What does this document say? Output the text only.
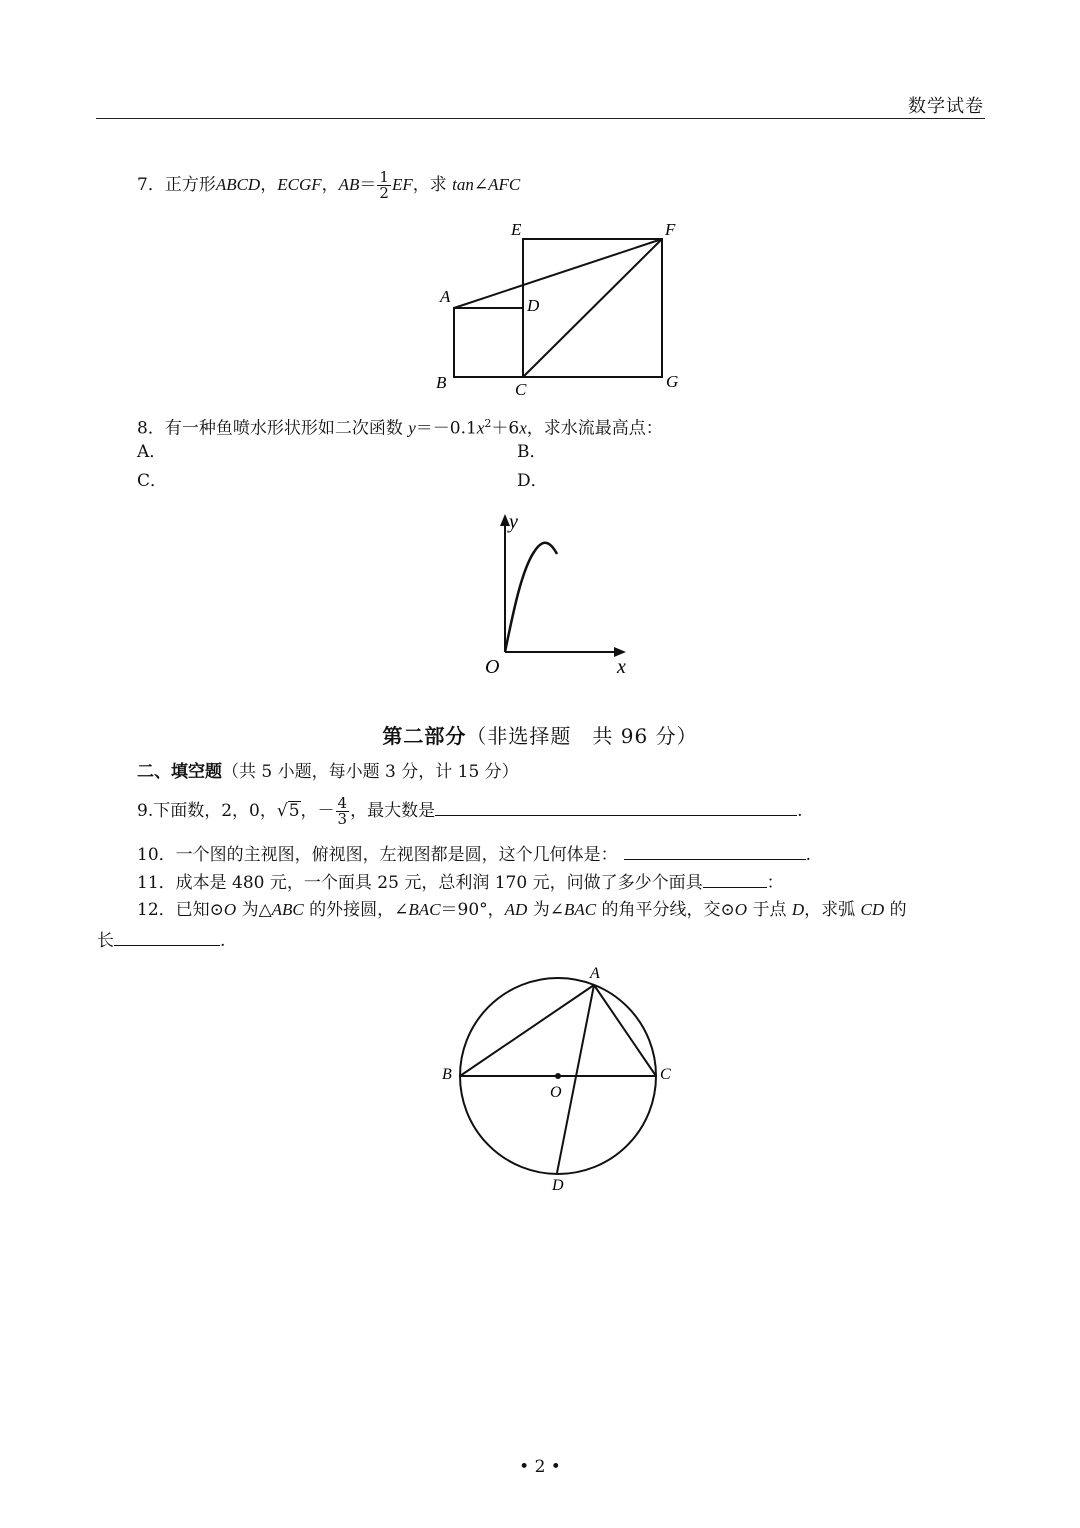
数学试卷
7．正方形ABCD，ECGF，$AB= \frac{1}{2}$ EF，求 tan∠AFC
E	F
A	D
B	C	G
8．有一种鱼喷水形状形如二次函数 $y=-0.1x^2+6x$，求水流最高点：
A．	B．
C．	D．
y
O	x
第二部分（非选择题　共 96 分）
二、填空题（共 5 小题，每小题 3 分，计 15 分）
9.下面数，2，0，√5，－ $\frac{4}{3}$ ，最大数是	.
10．一个图的主视图，俯视图，左视图都是圆，这个几何体是：	.
11．成本是 480 元，一个面具 25 元，总利润 170 元，问做了多少个面具	：
12．已知⊙O 为△ABC 的外接圆，∠BAC＝90°，AD 为∠BAC 的角平分线，交⊙O 于点 D，求弧 CD 的
长	.
A
B	C
O
D
• 2 •
